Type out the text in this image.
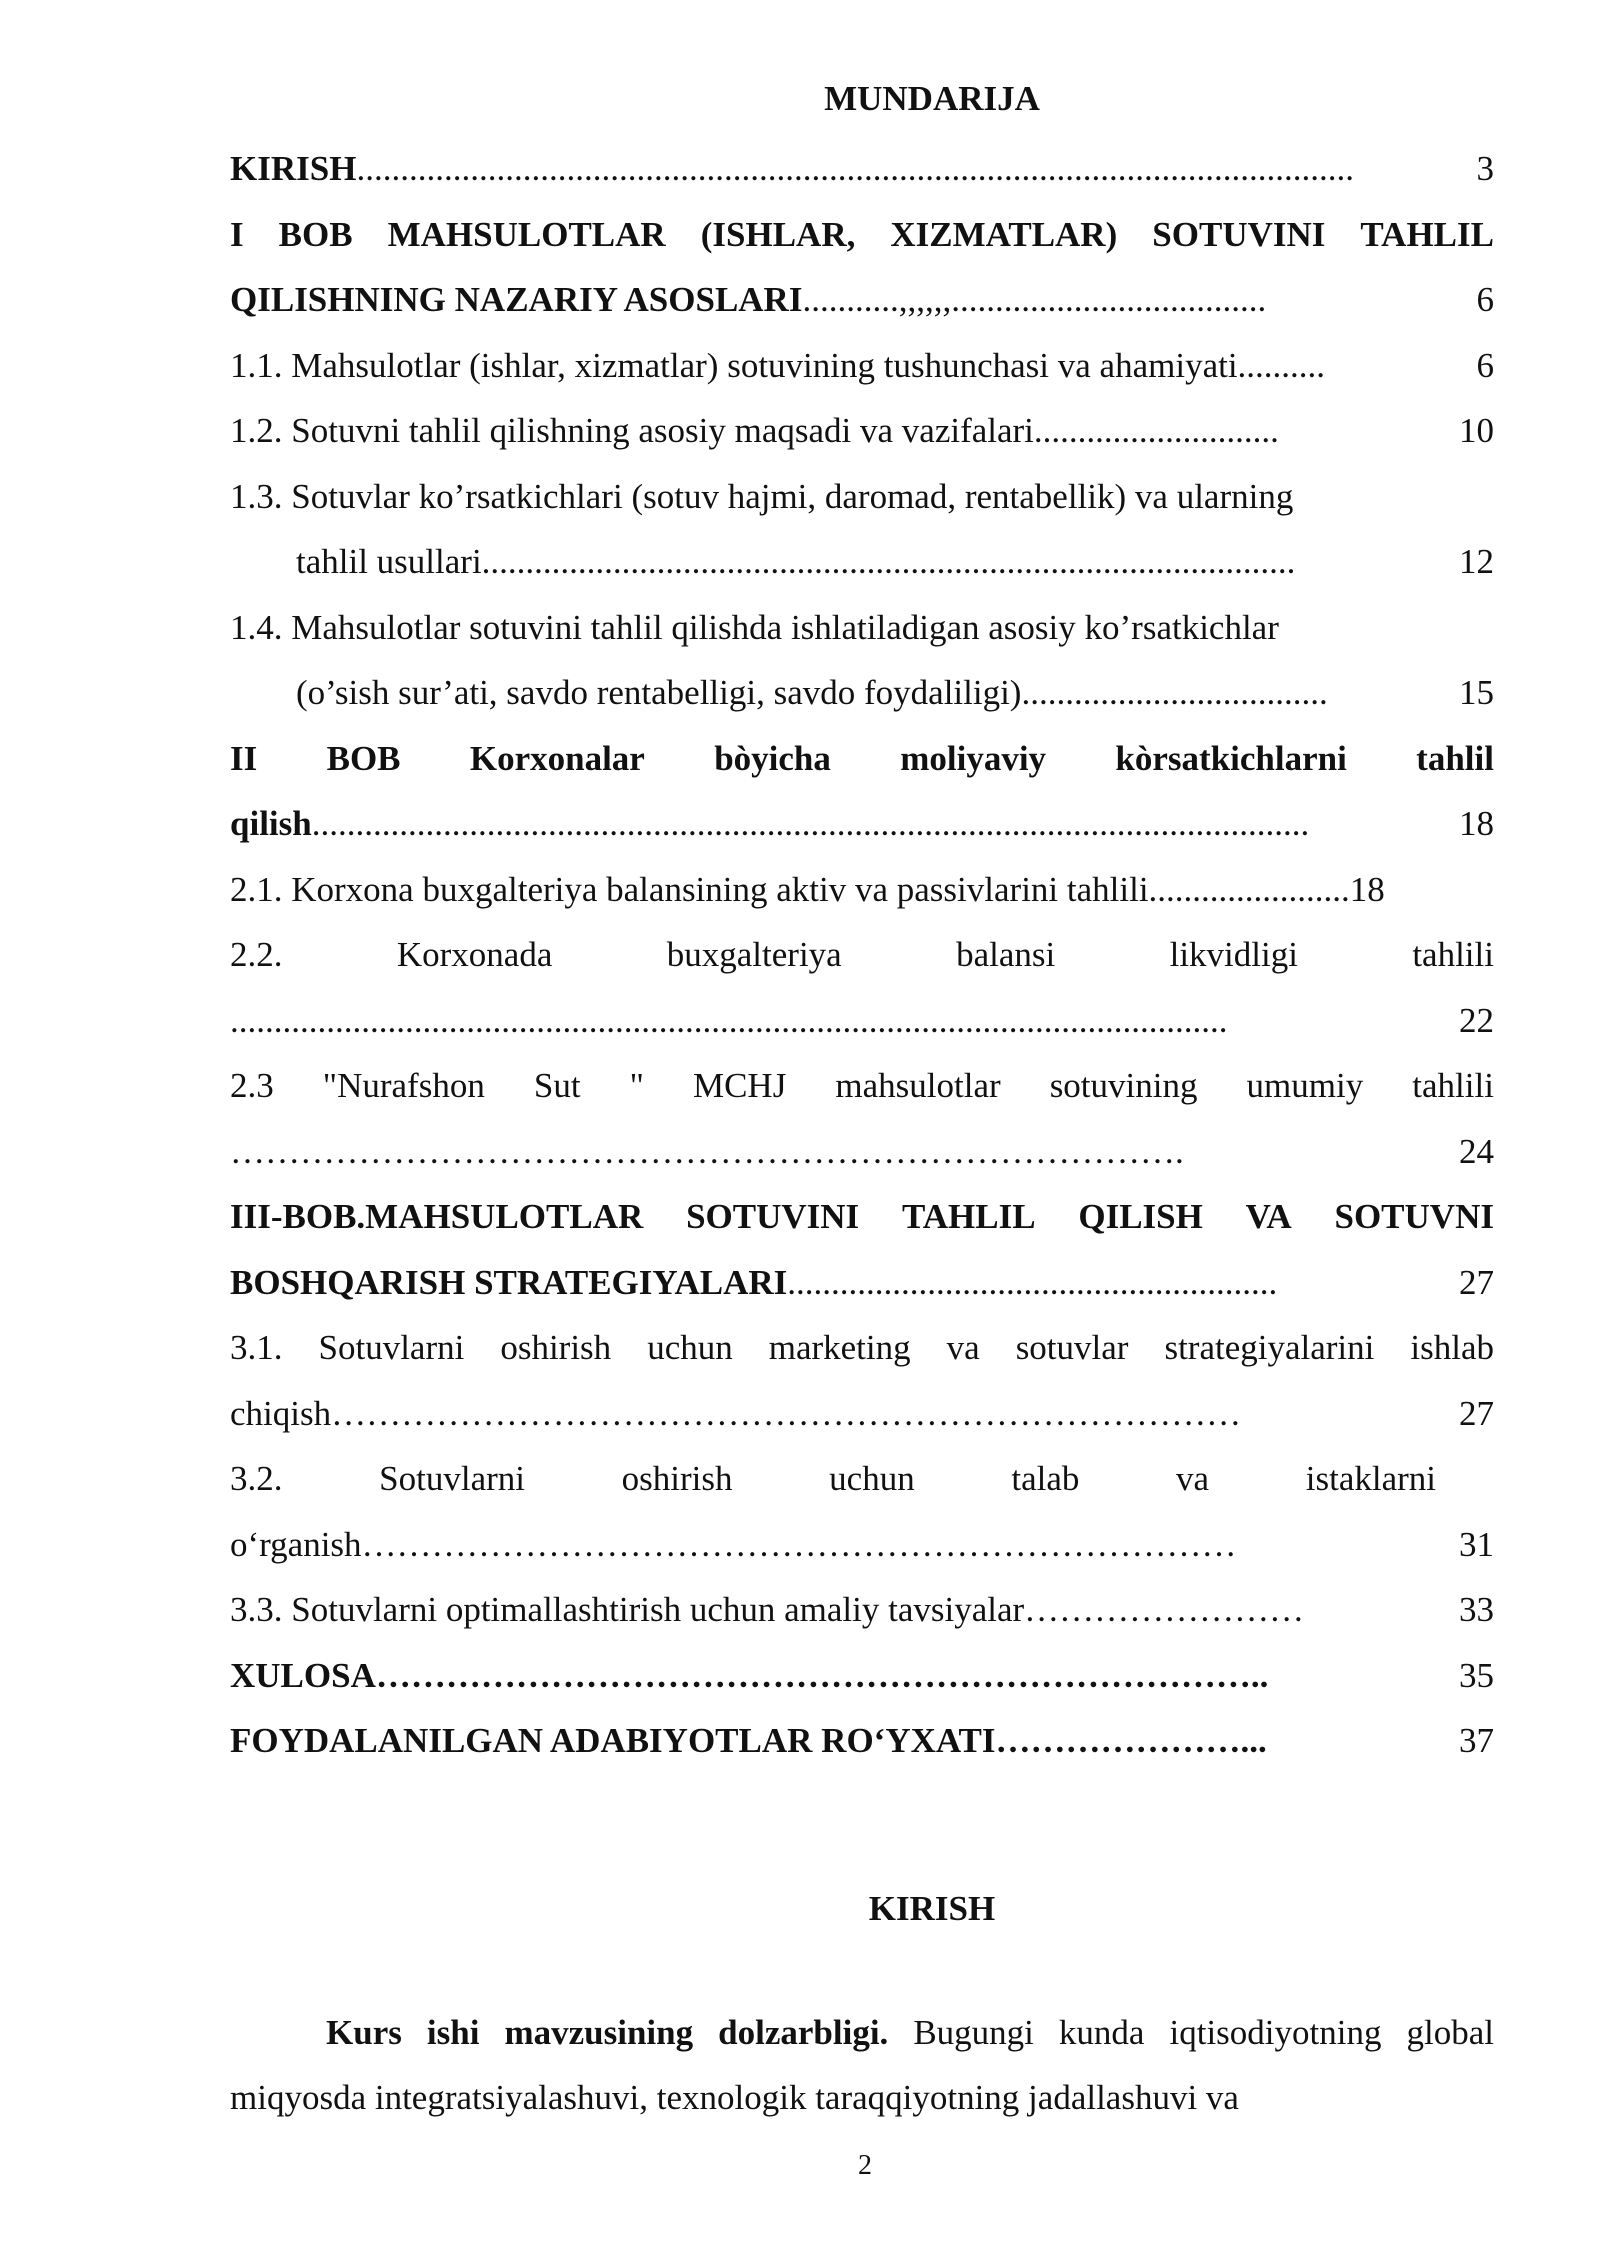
MUNDARIJA
KIRISH ..................................................................................................................	3
I BOB MAHSULOTLAR (ISHLAR, XIZMATLAR) SOTUVINI TAHLIL
QILISHNING NAZARIY ASOSLARI ...........,,,,,,....................................	6
1.1. Mahsulotlar (ishlar, xizmatlar) sotuvining tushunchasi va ahamiyati..........	6
1.2. Sotuvni tahlil qilishning asosiy maqsadi va vazifalari............................	10
1.3. Sotuvlar ko’rsatkichlari (sotuv hajmi, daromad, rentabellik) va ularning
tahlil usullari.............................................................................................	12
1.4. Mahsulotlar sotuvini tahlil qilishda ishlatiladigan asosiy ko’rsatkichlar
(o’sish sur’ati, savdo rentabelligi, savdo foydaliligi)...................................	15
II BOB Korxonalar bòyicha moliyaviy kòrsatkichlarni tahlil
qilish ..................................................................................................................	18
2.1. Korxona buxgalteriya balansining aktiv va passivlarini tahlili....................... 18
2.2.	Korxonada	buxgalteriya	balansi	likvidligi	tahlili
..................................................................................................................	22
2.3 "Nurafshon Sut " MCHJ mahsulotlar sotuvining umumiy tahlili
……………………………………………………………………….	24
III-BOB.MAHSULOTLAR SOTUVINI TAHLIL QILISH VA SOTUVNI
BOSHQARISH STRATEGIYALARI ........................................................	27
3.1. Sotuvlarni oshirish uchun marketing va sotuvlar strategiyalarini ishlab
chiqish……………………………………………………………………	27
3.2.	Sotuvlarni	oshirish	uchun	talab	va	istaklarni
o‘rganish…………………………………………………………………	31
3.3. Sotuvlarni optimallashtirish uchun amaliy tavsiyalar……………………	33
XULOSA…………………………………………………………………..	35
FOYDALANILGAN ADABIYOTLAR RO‘YXATI…………………...	37
KIRISH

Kurs ishi mavzusining dolzarbligi. Bugungi kunda iqtisodiyotning global miqyosda integratsiyalashuvi, texnologik taraqqiyotning jadallashuvi va

2
